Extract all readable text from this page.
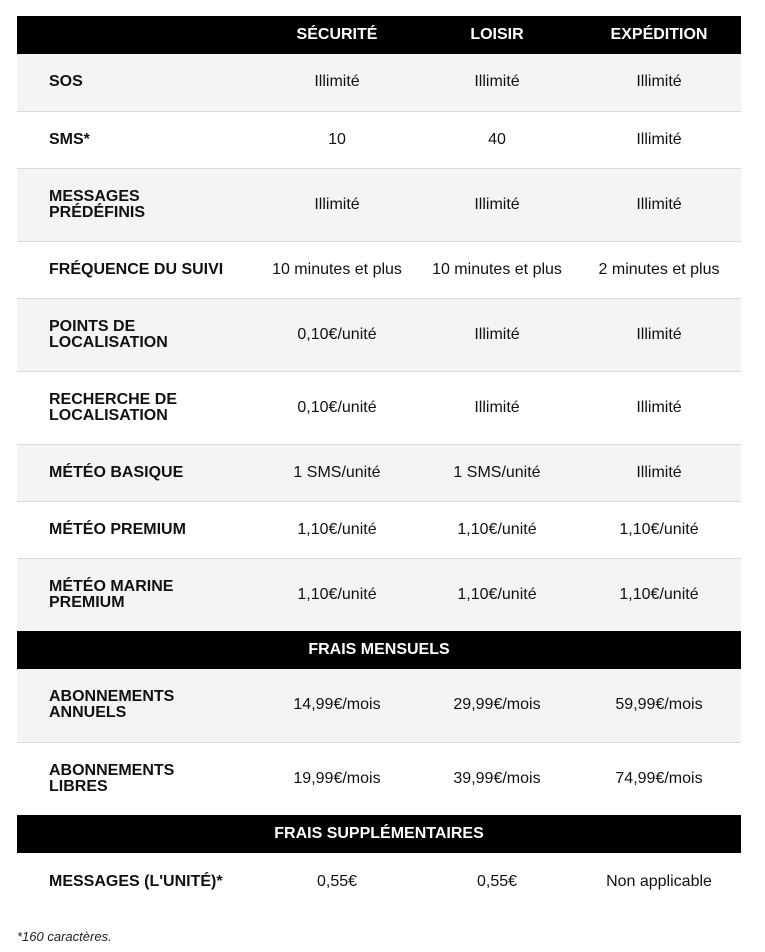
	SÉCURITÉ	LOISIR	EXPÉDITION
SOS	Illimité	Illimité	Illimité
SMS*	10	40	Illimité
MESSAGES PRÉDÉFINIS	Illimité	Illimité	Illimité
FRÉQUENCE DU SUIVI	10 minutes et plus	10 minutes et plus	2 minutes et plus
POINTS DE LOCALISATION	0,10€/unité	Illimité	Illimité
RECHERCHE DE LOCALISATION	0,10€/unité	Illimité	Illimité
MÉTÉO BASIQUE	1 SMS/unité	1 SMS/unité	Illimité
MÉTÉO PREMIUM	1,10€/unité	1,10€/unité	1,10€/unité
MÉTÉO MARINE PREMIUM	1,10€/unité	1,10€/unité	1,10€/unité
FRAIS MENSUELS			
ABONNEMENTS ANNUELS	14,99€/mois	29,99€/mois	59,99€/mois
ABONNEMENTS LIBRES	19,99€/mois	39,99€/mois	74,99€/mois
FRAIS SUPPLÉMENTAIRES			
MESSAGES (L'UNITÉ)*	0,55€	0,55€	Non applicable
*160 caractères.
